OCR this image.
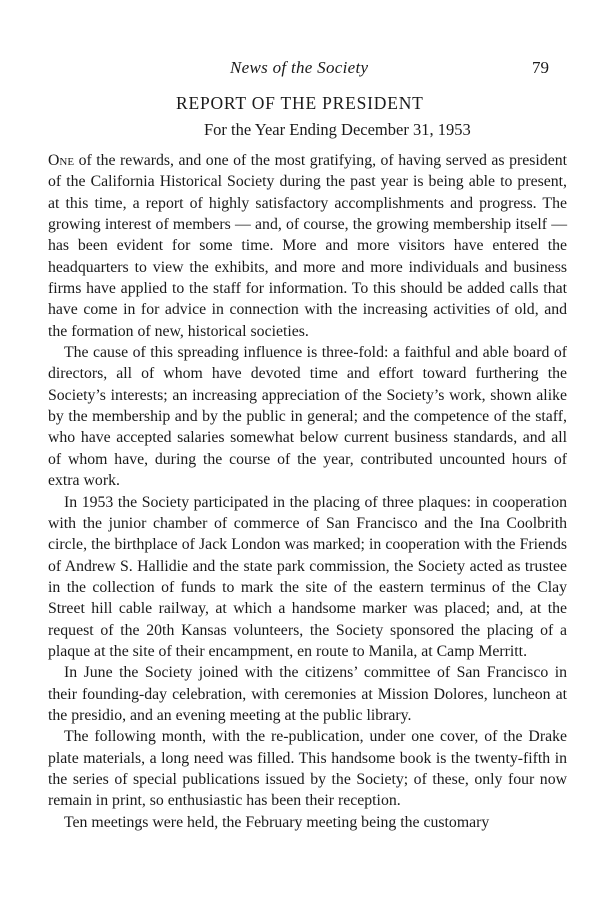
News of the Society	79
REPORT OF THE PRESIDENT
For the Year Ending December 31, 1953

One of the rewards, and one of the most gratifying, of having served as president of the California Historical Society during the past year is being able to present, at this time, a report of highly satisfactory accomplishments and progress. The growing interest of members — and, of course, the growing membership itself — has been evident for some time. More and more visitors have entered the headquarters to view the exhibits, and more and more individuals and business firms have applied to the staff for information. To this should be added calls that have come in for advice in connection with the increasing activities of old, and the formation of new, historical societies.

The cause of this spreading influence is three-fold: a faithful and able board of directors, all of whom have devoted time and effort toward furthering the Society’s interests; an increasing appreciation of the Society’s work, shown alike by the membership and by the public in general; and the competence of the staff, who have accepted salaries somewhat below current business standards, and all of whom have, during the course of the year, contributed uncounted hours of extra work.

In 1953 the Society participated in the placing of three plaques: in cooperation with the junior chamber of commerce of San Francisco and the Ina Coolbrith circle, the birthplace of Jack London was marked; in cooperation with the Friends of Andrew S. Hallidie and the state park commission, the Society acted as trustee in the collection of funds to mark the site of the eastern terminus of the Clay Street hill cable railway, at which a handsome marker was placed; and, at the request of the 20th Kansas volunteers, the Society sponsored the placing of a plaque at the site of their encampment, en route to Manila, at Camp Merritt.

In June the Society joined with the citizens’ committee of San Francisco in their founding-day celebration, with ceremonies at Mission Dolores, luncheon at the presidio, and an evening meeting at the public library.

The following month, with the re-publication, under one cover, of the Drake plate materials, a long need was filled. This handsome book is the twenty-fifth in the series of special publications issued by the Society; of these, only four now remain in print, so enthusiastic has been their reception.

Ten meetings were held, the February meeting being the customary
